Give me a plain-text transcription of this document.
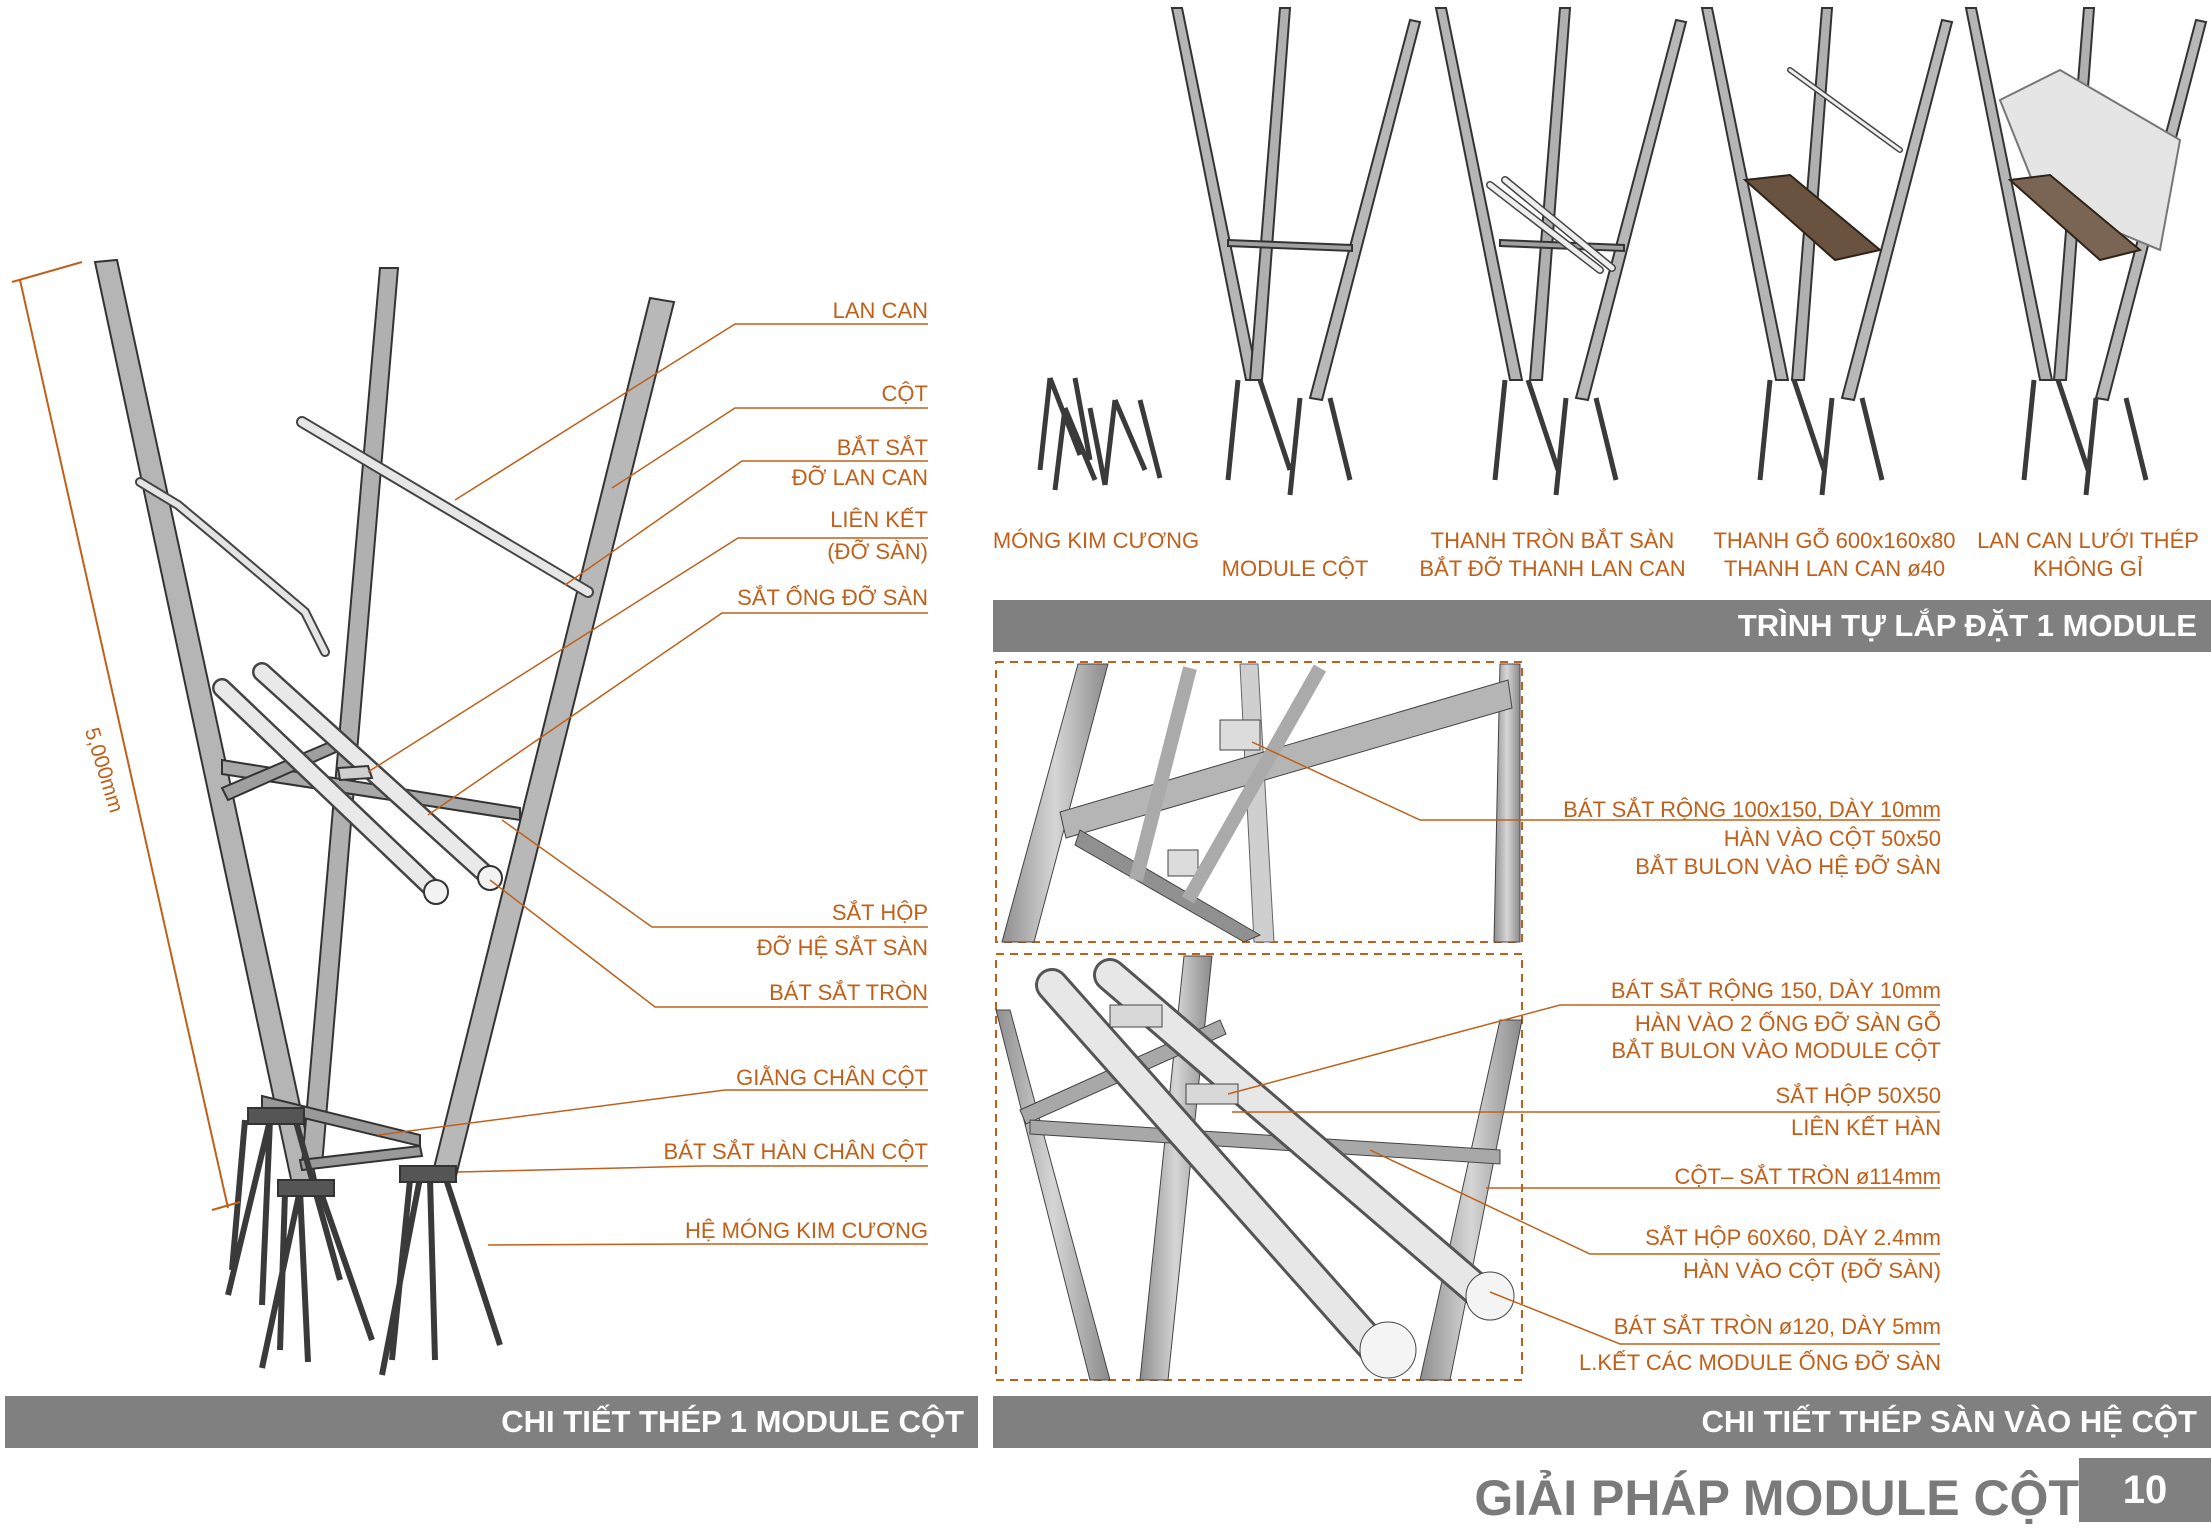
5,000mm
LAN CAN
CỘT
BẮT SẮT
ĐỠ LAN CAN
LIÊN KẾT
(ĐỠ SÀN)
SẮT ỐNG ĐỠ SÀN
SẮT HỘP
ĐỠ HỆ SẮT SÀN
BÁT SẮT TRÒN
GIẰNG CHÂN CỘT
BÁT SẮT HÀN CHÂN CỘT
HỆ MÓNG KIM CƯƠNG
CHI TIẾT THÉP 1 MODULE CỘT
MÓNG KIM CƯƠNG
MODULE CỘT
THANH TRÒN BẮT SÀN
BẮT ĐỠ THANH LAN CAN
THANH GỖ 600x160x80
THANH LAN CAN ø40
LAN CAN LƯỚI THÉP
KHÔNG GỈ
TRÌNH TỰ LẮP ĐẶT 1 MODULE
BÁT SẮT RỘNG 100x150, DÀY 10mm
HÀN VÀO CỘT 50x50
BẮT BULON VÀO HỆ ĐỠ SÀN
BÁT SẮT RỘNG 150, DÀY 10mm
HÀN VÀO 2 ỐNG ĐỠ SÀN GỖ
BẮT BULON VÀO MODULE CỘT
SẮT HỘP 50X50
LIÊN KẾT HÀN
CỘT– SẮT TRÒN ø114mm
SẮT HỘP 60X60, DÀY 2.4mm
HÀN VÀO CỘT (ĐỠ SÀN)
BÁT SẮT TRÒN ø120, DÀY 5mm
L.KẾT CÁC MODULE ỐNG ĐỠ SÀN
CHI TIẾT THÉP SÀN VÀO HỆ CỘT
GIẢI PHÁP MODULE CỘT	10
